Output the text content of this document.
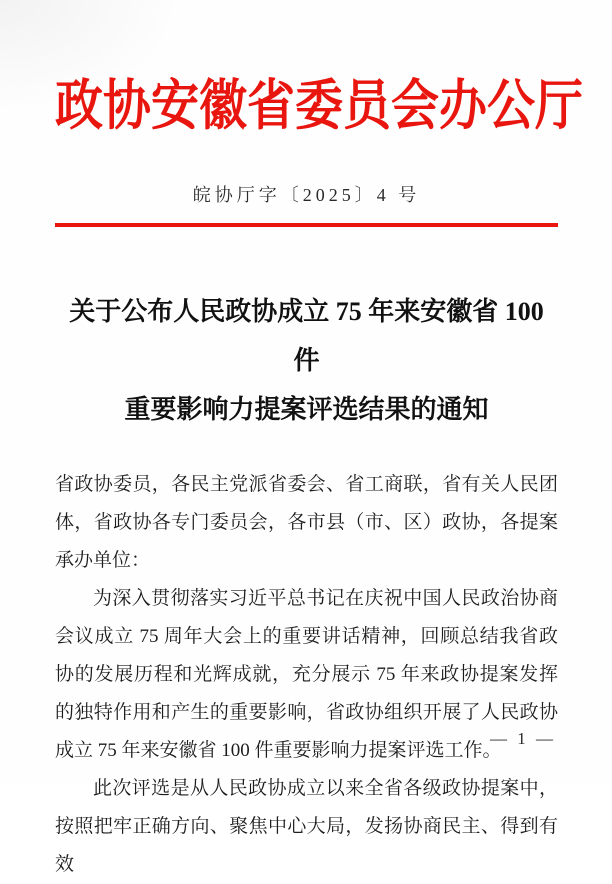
政协安徽省委员会办公厅
皖协厅字〔2025〕4 号
关于公布人民政协成立 75 年来安徽省 100 件
重要影响力提案评选结果的通知

省政协委员，各民主党派省委会、省工商联，省有关人民团体，省政协各专门委员会，各市县（市、区）政协，各提案承办单位：

为深入贯彻落实习近平总书记在庆祝中国人民政治协商会议成立 75 周年大会上的重要讲话精神，回顾总结我省政协的发展历程和光辉成就，充分展示 75 年来政协提案发挥的独特作用和产生的重要影响，省政协组织开展了人民政协成立 75 年来安徽省 100 件重要影响力提案评选工作。

此次评选是从人民政协成立以来全省各级政协提案中，按照把牢正确方向、聚焦中心大局，发扬协商民主、得到有效

— 1 —
